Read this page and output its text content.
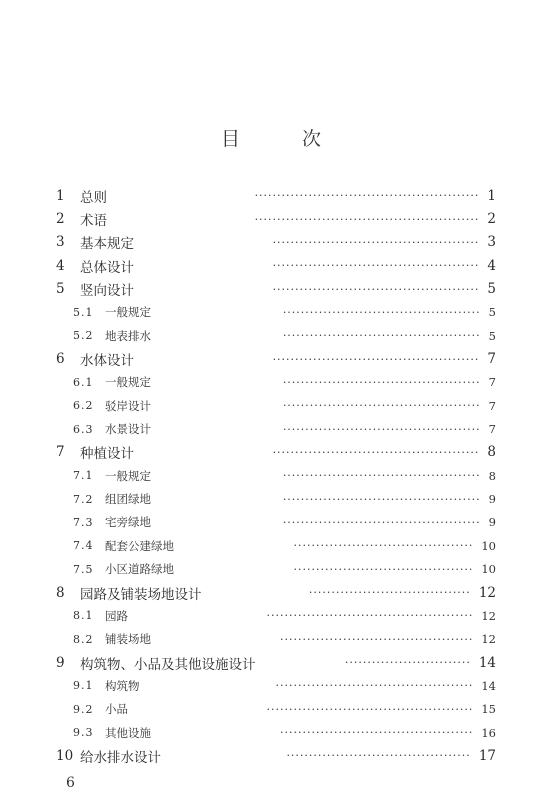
目	次
1 总则	·················································· 1
2 术语	·················································· 2
3 基本规定	·············································· 3
4 总体设计	·············································· 4
5 竖向设计	·············································· 5
5.1 一般规定	············································ 5
5.2 地表排水	············································ 5
6 水体设计	·············································· 7
6.1 一般规定	············································ 7
6.2 驳岸设计	············································ 7
6.3 水景设计	············································ 7
7 种植设计	·············································· 8
7.1 一般规定	············································ 8
7.2 组团绿地	············································ 9
7.3 宅旁绿地	············································ 9
7.4 配套公建绿地	········································ 10
7.5 小区道路绿地	········································ 10
8 园路及铺装场地设计	···································· 12
8.1 园路	·············································· 12
8.2 铺装场地	··········································· 12
9 构筑物、小品及其他设施设计	···························· 14
9.1 构筑物	············································ 14
9.2 小品	·············································· 15
9.3 其他设施	··········································· 16
10 给水排水设计	········································· 17
6
